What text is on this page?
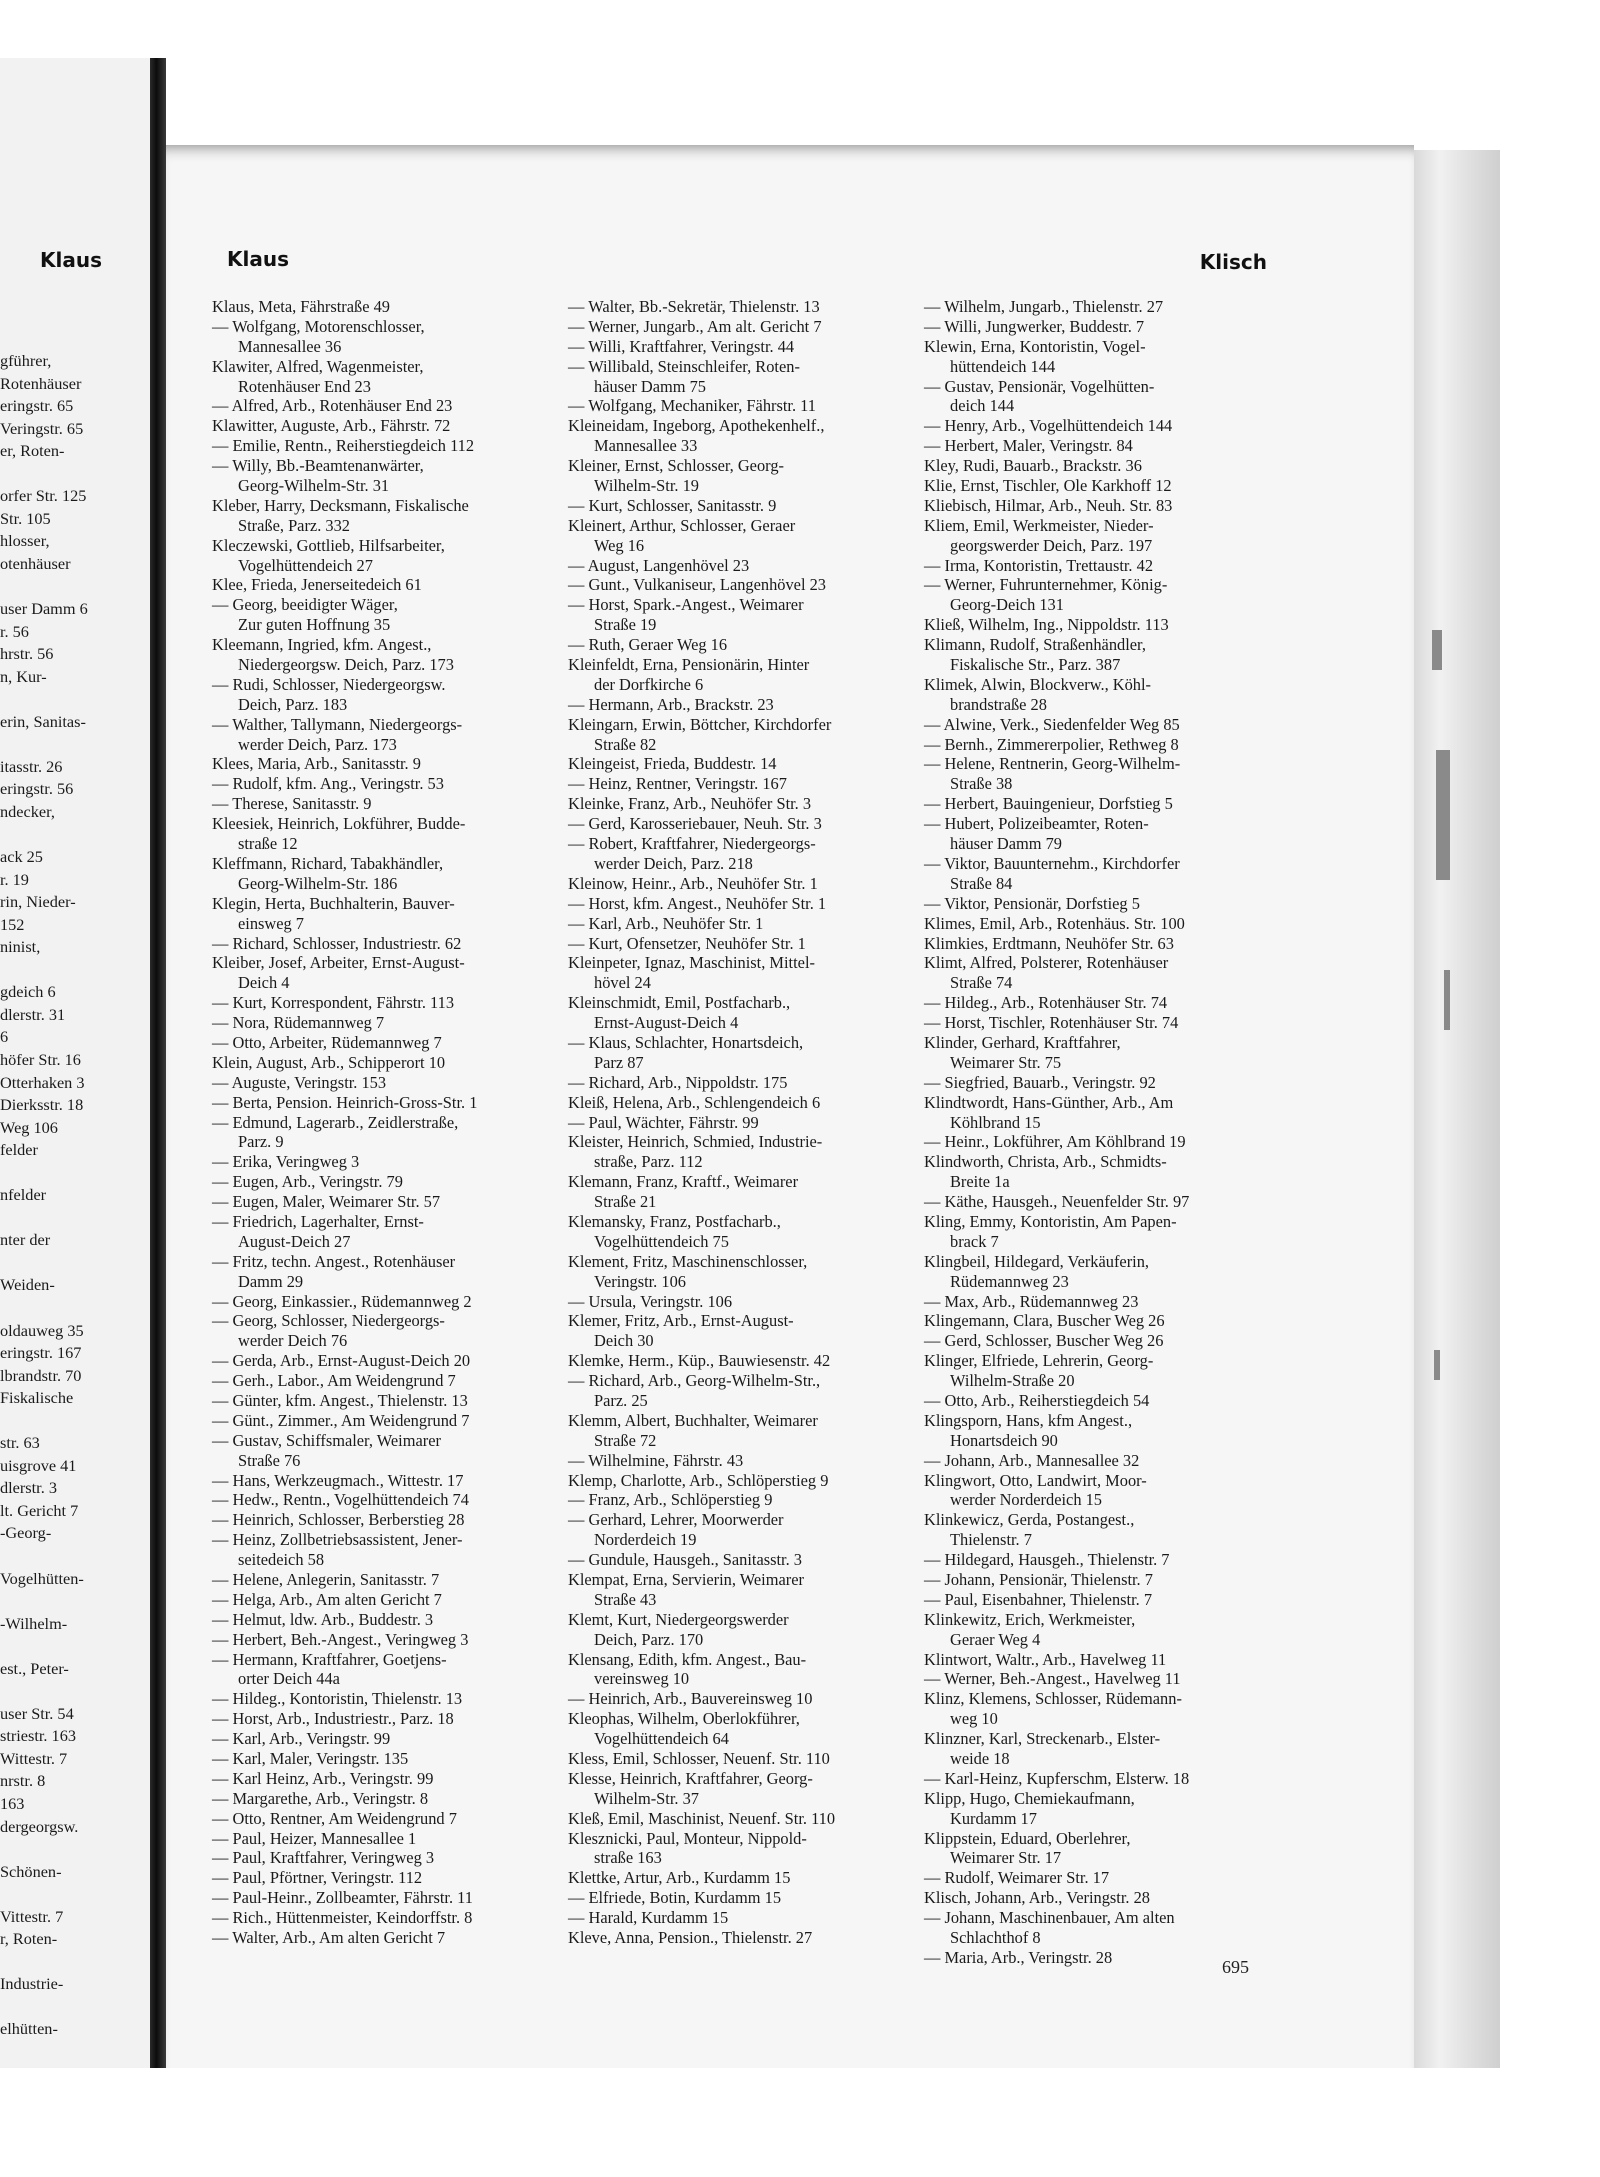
Klaus
gführer,
Rotenhäuser
eringstr. 65
Veringstr. 65
er, Roten-
orfer Str. 125
Str. 105
hlosser,
otenhäuser
user Damm 6
r. 56
hrstr. 56
n, Kur-
erin, Sanitas-
itasstr. 26
eringstr. 56
ndecker,
ack 25
r. 19
rin, Nieder-
152
ninist,
gdeich 6
dlerstr. 31
6
höfer Str. 16
Otterhaken 3
Dierksstr. 18
Weg 106
felder
nfelder
nter der
Weiden-
oldauweg 35
eringstr. 167
lbrandstr. 70
Fiskalische
str. 63
uisgrove 41
dlerstr. 3
lt. Gericht 7
-Georg-
Vogelhütten-
-Wilhelm-
est., Peter-
user Str. 54
striestr. 163
Wittestr. 7
nrstr. 8
163
dergeorgsw.
Schönen-
Vittestr. 7
r, Roten-
Industrie-
elhütten-
Klaus	Klisch
Klaus, Meta, Fährstraße 49
— Wolfgang, Motorenschlosser,
Mannesallee 36
Klawiter, Alfred, Wagenmeister,
Rotenhäuser End 23
— Alfred, Arb., Rotenhäuser End 23
Klawitter, Auguste, Arb., Fährstr. 72
— Emilie, Rentn., Reiherstiegdeich 112
— Willy, Bb.-Beamtenanwärter,
Georg-Wilhelm-Str. 31
Kleber, Harry, Decksmann, Fiskalische
Straße, Parz. 332
Kleczewski, Gottlieb, Hilfsarbeiter,
Vogelhüttendeich 27
Klee, Frieda, Jenerseitedeich 61
— Georg, beeidigter Wäger,
Zur guten Hoffnung 35
Kleemann, Ingried, kfm. Angest.,
Niedergeorgsw. Deich, Parz. 173
— Rudi, Schlosser, Niedergeorgsw.
Deich, Parz. 183
— Walther, Tallymann, Niedergeorgs-
werder Deich, Parz. 173
Klees, Maria, Arb., Sanitasstr. 9
— Rudolf, kfm. Ang., Veringstr. 53
— Therese, Sanitasstr. 9
Kleesiek, Heinrich, Lokführer, Budde-
straße 12
Kleffmann, Richard, Tabakhändler,
Georg-Wilhelm-Str. 186
Klegin, Herta, Buchhalterin, Bauver-
einsweg 7
— Richard, Schlosser, Industriestr. 62
Kleiber, Josef, Arbeiter, Ernst-August-
Deich 4
— Kurt, Korrespondent, Fährstr. 113
— Nora, Rüdemannweg 7
— Otto, Arbeiter, Rüdemannweg 7
Klein, August, Arb., Schipperort 10
— Auguste, Veringstr. 153
— Berta, Pension. Heinrich-Gross-Str. 1
— Edmund, Lagerarb., Zeidlerstraße,
Parz. 9
— Erika, Veringweg 3
— Eugen, Arb., Veringstr. 79
— Eugen, Maler, Weimarer Str. 57
— Friedrich, Lagerhalter, Ernst-
August-Deich 27
— Fritz, techn. Angest., Rotenhäuser
Damm 29
— Georg, Einkassier., Rüdemannweg 2
— Georg, Schlosser, Niedergeorgs-
werder Deich 76
— Gerda, Arb., Ernst-August-Deich 20
— Gerh., Labor., Am Weidengrund 7
— Günter, kfm. Angest., Thielenstr. 13
— Günt., Zimmer., Am Weidengrund 7
— Gustav, Schiffsmaler, Weimarer
Straße 76
— Hans, Werkzeugmach., Wittestr. 17
— Hedw., Rentn., Vogelhüttendeich 74
— Heinrich, Schlosser, Berberstieg 28
— Heinz, Zollbetriebsassistent, Jener-
seitedeich 58
— Helene, Anlegerin, Sanitasstr. 7
— Helga, Arb., Am alten Gericht 7
— Helmut, ldw. Arb., Buddestr. 3
— Herbert, Beh.-Angest., Veringweg 3
— Hermann, Kraftfahrer, Goetjens-
orter Deich 44a
— Hildeg., Kontoristin, Thielenstr. 13
— Horst, Arb., Industriestr., Parz. 18
— Karl, Arb., Veringstr. 99
— Karl, Maler, Veringstr. 135
— Karl Heinz, Arb., Veringstr. 99
— Margarethe, Arb., Veringstr. 8
— Otto, Rentner, Am Weidengrund 7
— Paul, Heizer, Mannesallee 1
— Paul, Kraftfahrer, Veringweg 3
— Paul, Pförtner, Veringstr. 112
— Paul-Heinr., Zollbeamter, Fährstr. 11
— Rich., Hüttenmeister, Keindorffstr. 8
— Walter, Arb., Am alten Gericht 7
— Walter, Bb.-Sekretär, Thielenstr. 13
— Werner, Jungarb., Am alt. Gericht 7
— Willi, Kraftfahrer, Veringstr. 44
— Willibald, Steinschleifer, Roten-
häuser Damm 75
— Wolfgang, Mechaniker, Fährstr. 11
Kleineidam, Ingeborg, Apothekenhelf.,
Mannesallee 33
Kleiner, Ernst, Schlosser, Georg-
Wilhelm-Str. 19
— Kurt, Schlosser, Sanitasstr. 9
Kleinert, Arthur, Schlosser, Geraer
Weg 16
— August, Langenhövel 23
— Gunt., Vulkaniseur, Langenhövel 23
— Horst, Spark.-Angest., Weimarer
Straße 19
— Ruth, Geraer Weg 16
Kleinfeldt, Erna, Pensionärin, Hinter
der Dorfkirche 6
— Hermann, Arb., Brackstr. 23
Kleingarn, Erwin, Böttcher, Kirchdorfer
Straße 82
Kleingeist, Frieda, Buddestr. 14
— Heinz, Rentner, Veringstr. 167
Kleinke, Franz, Arb., Neuhöfer Str. 3
— Gerd, Karosseriebauer, Neuh. Str. 3
— Robert, Kraftfahrer, Niedergeorgs-
werder Deich, Parz. 218
Kleinow, Heinr., Arb., Neuhöfer Str. 1
— Horst, kfm. Angest., Neuhöfer Str. 1
— Karl, Arb., Neuhöfer Str. 1
— Kurt, Ofensetzer, Neuhöfer Str. 1
Kleinpeter, Ignaz, Maschinist, Mittel-
hövel 24
Kleinschmidt, Emil, Postfacharb.,
Ernst-August-Deich 4
— Klaus, Schlachter, Honartsdeich,
Parz 87
— Richard, Arb., Nippoldstr. 175
Kleiß, Helena, Arb., Schlengendeich 6
— Paul, Wächter, Fährstr. 99
Kleister, Heinrich, Schmied, Industrie-
straße, Parz. 112
Klemann, Franz, Kraftf., Weimarer
Straße 21
Klemansky, Franz, Postfacharb.,
Vogelhüttendeich 75
Klement, Fritz, Maschinenschlosser,
Veringstr. 106
— Ursula, Veringstr. 106
Klemer, Fritz, Arb., Ernst-August-
Deich 30
Klemke, Herm., Küp., Bauwiesenstr. 42
— Richard, Arb., Georg-Wilhelm-Str.,
Parz. 25
Klemm, Albert, Buchhalter, Weimarer
Straße 72
— Wilhelmine, Fährstr. 43
Klemp, Charlotte, Arb., Schlöperstieg 9
— Franz, Arb., Schlöperstieg 9
— Gerhard, Lehrer, Moorwerder
Norderdeich 19
— Gundule, Hausgeh., Sanitasstr. 3
Klempat, Erna, Servierin, Weimarer
Straße 43
Klemt, Kurt, Niedergeorgswerder
Deich, Parz. 170
Klensang, Edith, kfm. Angest., Bau-
vereinsweg 10
— Heinrich, Arb., Bauvereinsweg 10
Kleophas, Wilhelm, Oberlokführer,
Vogelhüttendeich 64
Kless, Emil, Schlosser, Neuenf. Str. 110
Klesse, Heinrich, Kraftfahrer, Georg-
Wilhelm-Str. 37
Kleß, Emil, Maschinist, Neuenf. Str. 110
Klesznicki, Paul, Monteur, Nippold-
straße 163
Klettke, Artur, Arb., Kurdamm 15
— Elfriede, Botin, Kurdamm 15
— Harald, Kurdamm 15
Kleve, Anna, Pension., Thielenstr. 27
— Wilhelm, Jungarb., Thielenstr. 27
— Willi, Jungwerker, Buddestr. 7
Klewin, Erna, Kontoristin, Vogel-
hüttendeich 144
— Gustav, Pensionär, Vogelhütten-
deich 144
— Henry, Arb., Vogelhüttendeich 144
— Herbert, Maler, Veringstr. 84
Kley, Rudi, Bauarb., Brackstr. 36
Klie, Ernst, Tischler, Ole Karkhoff 12
Kliebisch, Hilmar, Arb., Neuh. Str. 83
Kliem, Emil, Werkmeister, Nieder-
georgswerder Deich, Parz. 197
— Irma, Kontoristin, Trettaustr. 42
— Werner, Fuhrunternehmer, König-
Georg-Deich 131
Kließ, Wilhelm, Ing., Nippoldstr. 113
Klimann, Rudolf, Straßenhändler,
Fiskalische Str., Parz. 387
Klimek, Alwin, Blockverw., Köhl-
brandstraße 28
— Alwine, Verk., Siedenfelder Weg 85
— Bernh., Zimmererpolier, Rethweg 8
— Helene, Rentnerin, Georg-Wilhelm-
Straße 38
— Herbert, Bauingenieur, Dorfstieg 5
— Hubert, Polizeibeamter, Roten-
häuser Damm 79
— Viktor, Bauunternehm., Kirchdorfer
Straße 84
— Viktor, Pensionär, Dorfstieg 5
Klimes, Emil, Arb., Rotenhäus. Str. 100
Klimkies, Erdtmann, Neuhöfer Str. 63
Klimt, Alfred, Polsterer, Rotenhäuser
Straße 74
— Hildeg., Arb., Rotenhäuser Str. 74
— Horst, Tischler, Rotenhäuser Str. 74
Klinder, Gerhard, Kraftfahrer,
Weimarer Str. 75
— Siegfried, Bauarb., Veringstr. 92
Klindtwordt, Hans-Günther, Arb., Am
Köhlbrand 15
— Heinr., Lokführer, Am Köhlbrand 19
Klindworth, Christa, Arb., Schmidts-
Breite 1a
— Käthe, Hausgeh., Neuenfelder Str. 97
Kling, Emmy, Kontoristin, Am Papen-
brack 7
Klingbeil, Hildegard, Verkäuferin,
Rüdemannweg 23
— Max, Arb., Rüdemannweg 23
Klingemann, Clara, Buscher Weg 26
— Gerd, Schlosser, Buscher Weg 26
Klinger, Elfriede, Lehrerin, Georg-
Wilhelm-Straße 20
— Otto, Arb., Reiherstiegdeich 54
Klingsporn, Hans, kfm Angest.,
Honartsdeich 90
— Johann, Arb., Mannesallee 32
Klingwort, Otto, Landwirt, Moor-
werder Norderdeich 15
Klinkewicz, Gerda, Postangest.,
Thielenstr. 7
— Hildegard, Hausgeh., Thielenstr. 7
— Johann, Pensionär, Thielenstr. 7
— Paul, Eisenbahner, Thielenstr. 7
Klinkewitz, Erich, Werkmeister,
Geraer Weg 4
Klintwort, Waltr., Arb., Havelweg 11
— Werner, Beh.-Angest., Havelweg 11
Klinz, Klemens, Schlosser, Rüdemann-
weg 10
Klinzner, Karl, Streckenarb., Elster-
weide 18
— Karl-Heinz, Kupferschm, Elsterw. 18
Klipp, Hugo, Chemiekaufmann,
Kurdamm 17
Klippstein, Eduard, Oberlehrer,
Weimarer Str. 17
— Rudolf, Weimarer Str. 17
Klisch, Johann, Arb., Veringstr. 28
— Johann, Maschinenbauer, Am alten
Schlachthof 8
— Maria, Arb., Veringstr. 28	695
